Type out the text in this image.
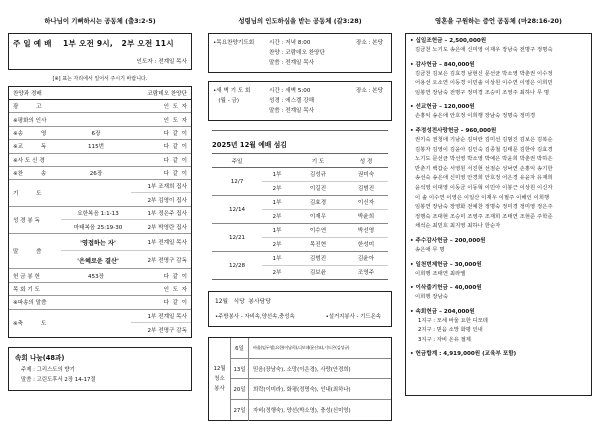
하나님이 기뻐하시는 공동체 (출3:2-5)
주 일 예 배    1부 오전 9시,   2부 오전 11시
인도자 : 전계일 목사
[※] 표는 자리에서 일어서 주시기 바랍니다.
찬양과 경배	코람데오 찬양단
광          고	인  도  자
※평화의 인사	인  도  자
※송          영	6장	다  같  이
※교          독	115번	다  같  이
※사 도 신 경	다  같  이
※찬          송	26장	다  같  이
기          도
1부 조재희 집사
2부 김영이 집사
성 경 봉 독
요한복음 1:1-13	1부 정은주 집사
마태복음 25:19-30	2부 박영란 집사
말          씀
'영접하는 자'	1부 전계일 목사
'은혜로운 결산'	2부 전명구 감독
헌 금 봉 헌	453장	다  같  이
목 회 기 도	인  도  자
※파송의 말씀	다  같  이
※축          도
1부 전계일 목사
2부 전명구 감독
속회 나눔(48과)
주제 : 그리스도의 향기
말씀 : 고린도후서 2장 14-17절
성령님의 인도하심을 받는 공동체 (갈3:28)
•목요찬양기도회	시간 : 저녁 8:00	장소 : 본당
찬양 : 코람데오 찬양단
말씀 : 전계일 목사
•새 벽 기 도 회
(월 - 금)
시간 : 새벽 5:00	장소 : 본당
성경 : 에스겔 강해
말씀 : 전계일 목사
2025년 12월 예배 섬김
주일	기 도	성 경
12/7
1부	김성규	권미숙
2부	이길진	김범진
12/14
1부	김효경	이신자
2부	이재우	박윤희
12/21
1부	이수연	박선영
2부	목진현	한성미
12/28
1부	김범진	김윤아
2부	김보윤	조영주
12월   식당  봉사담당
•주방봉사 - 자비속,양선속,충성속	•설거지봉사 - 기드온속
12월
청소
봉사
6일	바울(임두영),요한(이남희),디모데(윤선묘),기드온(김성규)
13일	믿음(장남숙), 소망(이은경), 사랑(안경희)
20일	희락(이미라), 화평(정명숙), 인내(최하나)
27일	자비(정행숙), 양선(박소영), 충성(신미영)
영혼을 구원하는 증언 공동체 (마28:16-20)
• 십일조헌금 – 2,500,000원
김금천 노기도 송은애 신미영 이재우 장남숙 전명구 정명숙
• 감사헌금 – 840,000원
김금천 김보은 김효경 남현신 문선균 박소영 박춘권 이수정
어용선 오소연 이동경 이민솔 이상원 이수연 이영은 이희민
임봉연 장남숙 전명구 정미경 조승미 조영주 최하나 무 명
• 선교헌금 – 120,000원
손홍익 송은애 안호정 이희행 장남숙 정명숙 정미경
• 주정성전사랑헌금 – 960,000원
권기숙 권청애 기남순 김덕란 김미선 김범진 김보은 김복순
김봉자 김영이 김윤아 김인숙 김종철 김태문 김한아 김효경
노기도 문선균 박선영 박소영 박예은 박윤희 박춘권 박하은
반춘기 백갑순 서영원 서진현 선점순 성낙연 손홍익 송기한
송선숙 송은애 신미영 안경희 안호정 어은경 유윤자 유재희
윤석영 이대영 이동금 이동혁 이민아 이봉근 이상원 이신자
이 솔 이수연 이영은 이일산 이재우 이필주 이해인 이희행
임봉연 장남숙 장영화 전예찬 정명숙 정미경 정미영 정은주
정행숙 조대현 조승미 조영주 조재희 조태연 조현준 주학준
채석순 최민호 최지영 최하나 한순자
• 주수감사헌금 – 200,000원
송은애 무 명
• 일천번제헌금 – 30,000원
이희행 조태연 최라엘
• 이삭줍기헌금 – 40,000원
이희행 장남숙
• 속회헌금 – 204,000원
1지구 : 모세 바울 요한 디모데
2지구 : 믿음 소망 화평 인내
3지구 : 자비 온유 절제
• 헌금합계 : 4,919,000원 (교육부 포함)
